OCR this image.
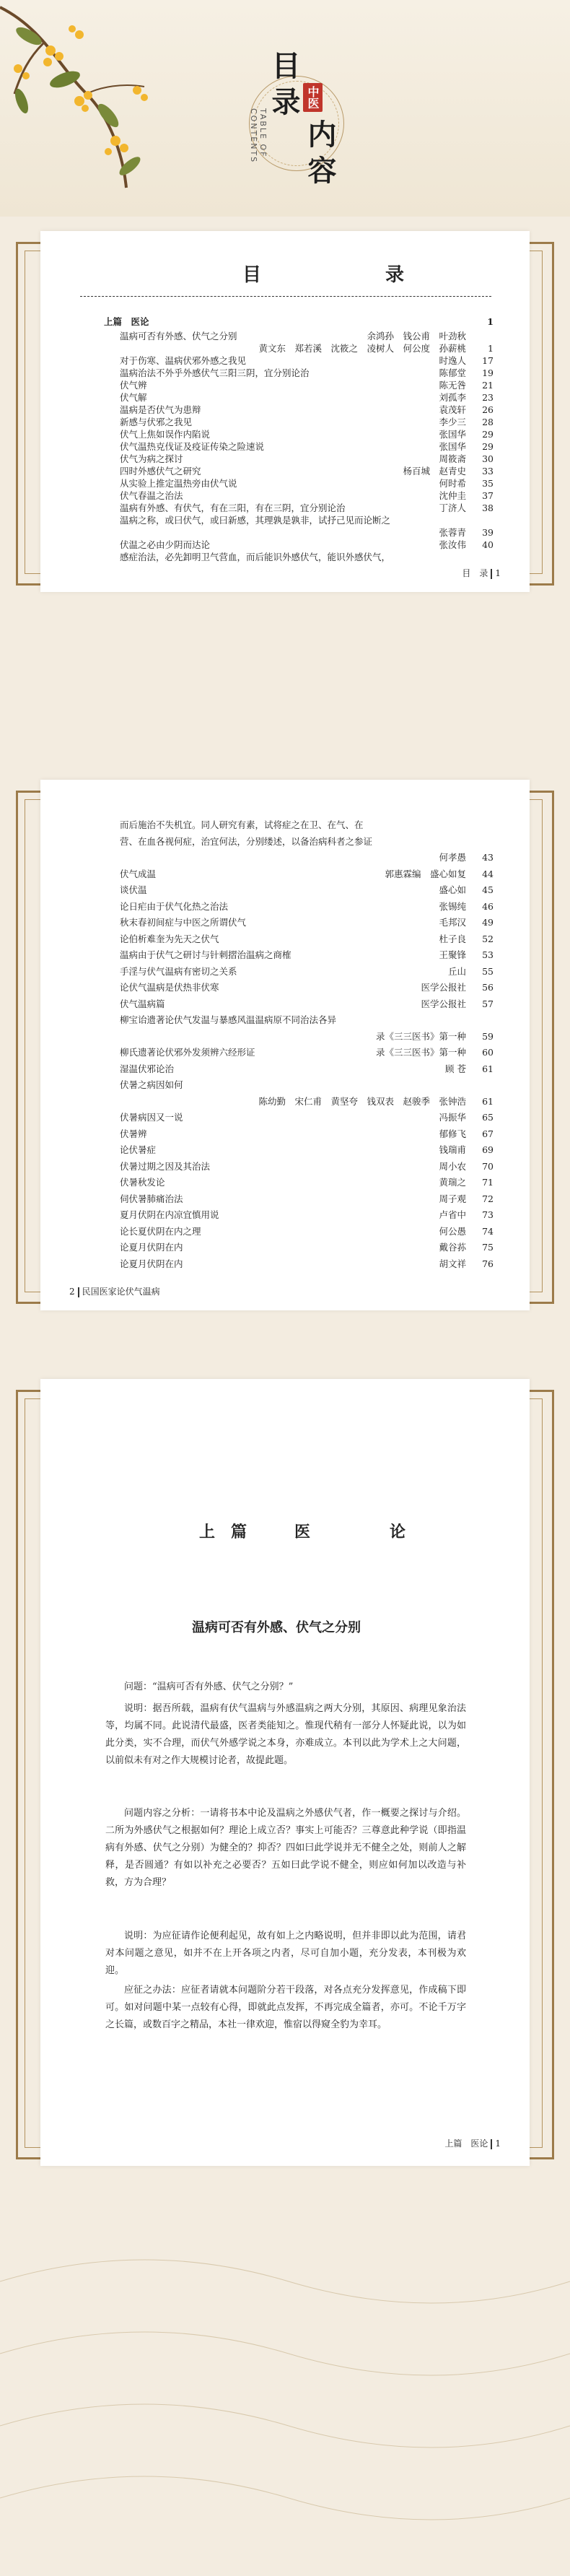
目
录
内
容
中医
TABLE OF CONTENTS
目　　录
上篇　医论	1
温病可否有外感、伏气之分别	余鸿孙　钱公甫　叶劲秋
黄文东　郑若溪　沈筱之　凌树人　何公度　孙薪桃	1
对于伤寒、温病伏邪外感之我见	时逸人	17
温病治法不外乎外感伏气三阳三阴，宜分别论治	陈郁堂	19
伏气辨	陈无咎	21
伏气解	刘孤李	23
温病是否伏气为患辩	袁茂轩	26
新感与伏邪之我见	李少三	28
伏气上焦如误作内陷说	张国华	29
伏气温热克伐证及疫证传染之险速说	张国华	29
伏气为病之探讨	周筱斋	30
四时外感伏气之研究	杨百城　赵青史	33
从实验上推定温热旁由伏气说	何时希	35
伏气春温之治法	沈仲圭	37
温病有外感、有伏气，有在三阳，有在三阴，宜分别论治	丁济人	38
温病之称，或曰伏气，或曰新感，其理孰是孰非，试抒己见而论断之
张蓉青	39
伏温之必由少阴而达论	张汝伟	40
感症治法，必先卸明卫气营血，而后能识外感伏气，能识外感伏气，
目　录 1
而后施治不失机宜。同人研究有素，试将症之在卫、在气、在
营、在血各视何症，治宜何法，分别缕述，以备治病科者之参证
何孝愚	43
伏气成温	郭惠霖编　盛心如复	44
谈伏温	盛心如	45
论日疟由于伏气化热之治法	张锡纯	46
秋末春初间症与中医之所谓伏气	毛邦汉	49
论伯析难奎为先天之伏气	杜子良	52
温病由于伏气之研讨与针刺摺治温病之商榷	王聚锋	53
手淫与伏气温病有密切之关系	丘山	55
论伏气温病是伏热非伏寒	医学公报社	56
伏气温病篇	医学公报社	57
柳宝诒遗著论伏气发温与暴感风温温病原不同治法各异
录《三三医书》第一种	59
柳氏遗著论伏邪外发须辨六经形证	录《三三医书》第一种	60
湿温伏邪论治	顾 苍	61
伏暑之病因如何
陈幼勤　宋仁甫　黄坚夸　钱双表　赵骏季　张钟浩	61
伏暑病因又一说	冯振华	65
伏暑辨	郁修飞	67
论伏暑症	钱瑞甫	69
伏暑过期之因及其治法	周小农	70
伏暑秋发论	黄瑞之	71
伺伏暑肺痛治法	周子观	72
夏月伏阴在内凉宜慎用说	卢省中	73
论长夏伏阴在内之理	何公愚	74
论夏月伏阴在内	戴谷荪	75
论夏月伏阴在内	胡文祥	76
2 民国医家论伏气温病
上篇　医　　论
温病可否有外感、伏气之分别
问题：“温病可否有外感、伏气之分别？”
说明：据吾所载，温病有伏气温病与外感温病之两大分别，其原因、病理见象治法等，均属不同。此说清代最盛，医者类能知之。惟现代稍有一部分人怀疑此说，以为如此分类，实不合理，而伏气外感学说之本身，亦难成立。本刊以此为学术上之大问题，以前似未有对之作大规模讨论者，故提此题。
问题内容之分析：一请将书本中论及温病之外感伏气者，作一概要之探讨与介绍。二所为外感伏气之根据如何？理论上成立否？事实上可能否？三尊意此种学说（即指温病有外感、伏气之分别）为健全的？抑否？四如曰此学说并无不健全之处，则前人之解释，是否圆通？有如以补充之必要否？五如曰此学说不健全，则应如何加以改造与补救，方为合理？
说明：为应征请作论便利起见，故有如上之内略说明，但并非即以此为范围，请君对本问题之意见，如并不在上开各项之内者，尽可自加小题，充分发表，本刊极为欢迎。
应征之办法：应征者请就本问题阶分若干段落，对各点充分发挥意见，作成稿下即可。如对问题中某一点较有心得，即就此点发挥，不再完成全篇者，亦可。不论千万字之长篇，或数百字之精品，本社一律欢迎，惟宿以得窥全豹为幸耳。
上篇　医论 1
